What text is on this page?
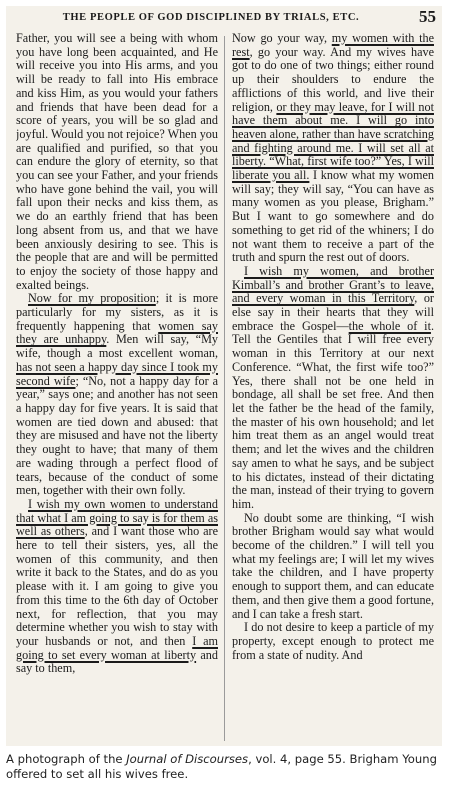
THE PEOPLE OF GOD DISCIPLINED BY TRIALS, ETC.	55

Father, you will see a being with whom you have long been acquainted, and He will receive you into His arms, and you will be ready to fall into His embrace and kiss Him, as you would your fathers and friends that have been dead for a score of years, you will be so glad and joyful. Would you not rejoice? When you are qualified and purified, so that you can endure the glory of eternity, so that you can see your Father, and your friends who have gone behind the vail, you will fall upon their necks and kiss them, as we do an earthly friend that has been long absent from us, and that we have been anxiously desiring to see. This is the people that are and will be permitted to enjoy the society of those happy and exalted beings.

Now for my proposition; it is more particularly for my sisters, as it is frequently happening that women say they are unhappy. Men will say, “My wife, though a most excellent woman, has not seen a happy day since I took my second wife; “No, not a happy day for a year,” says one; and another has not seen a happy day for five years. It is said that women are tied down and abused: that they are misused and have not the liberty they ought to have; that many of them are wading through a perfect flood of tears, because of the conduct of some men, together with their own folly.

I wish my own women to understand that what I am going to say is for them as well as others, and I want those who are here to tell their sisters, yes, all the women of this community, and then write it back to the States, and do as you please with it. I am going to give you from this time to the 6th day of October next, for reflection, that you may determine whether you wish to stay with your husbands or not, and then I am going to set every woman at liberty and say to them,

Now go your way, my women with the rest, go your way. And my wives have got to do one of two things; either round up their shoulders to endure the afflictions of this world, and live their religion, or they may leave, for I will not have them about me. I will go into heaven alone, rather than have scratching and fighting around me. I will set all at liberty. “What, first wife too?” Yes, I will liberate you all. I know what my women will say; they will say, “You can have as many women as you please, Brigham.” But I want to go somewhere and do something to get rid of the whiners; I do not want them to receive a part of the truth and spurn the rest out of doors.

I wish my women, and brother Kimball’s and brother Grant’s to leave, and every woman in this Territory, or else say in their hearts that they will embrace the Gospel—the whole of it. Tell the Gentiles that I will free every woman in this Territory at our next Conference. “What, the first wife too?” Yes, there shall not be one held in bondage, all shall be set free. And then let the father be the head of the family, the master of his own household; and let him treat them as an angel would treat them; and let the wives and the children say amen to what he says, and be subject to his dictates, instead of their dictating the man, instead of their trying to govern him.

No doubt some are thinking, “I wish brother Brigham would say what would become of the children.” I will tell you what my feelings are; I will let my wives take the children, and I have property enough to support them, and can educate them, and then give them a good fortune, and I can take a fresh start.

I do not desire to keep a particle of my property, except enough to protect me from a state of nudity. And

A photograph of the Journal of Discourses, vol. 4, page 55. Brigham Young offered to set all his wives free.
